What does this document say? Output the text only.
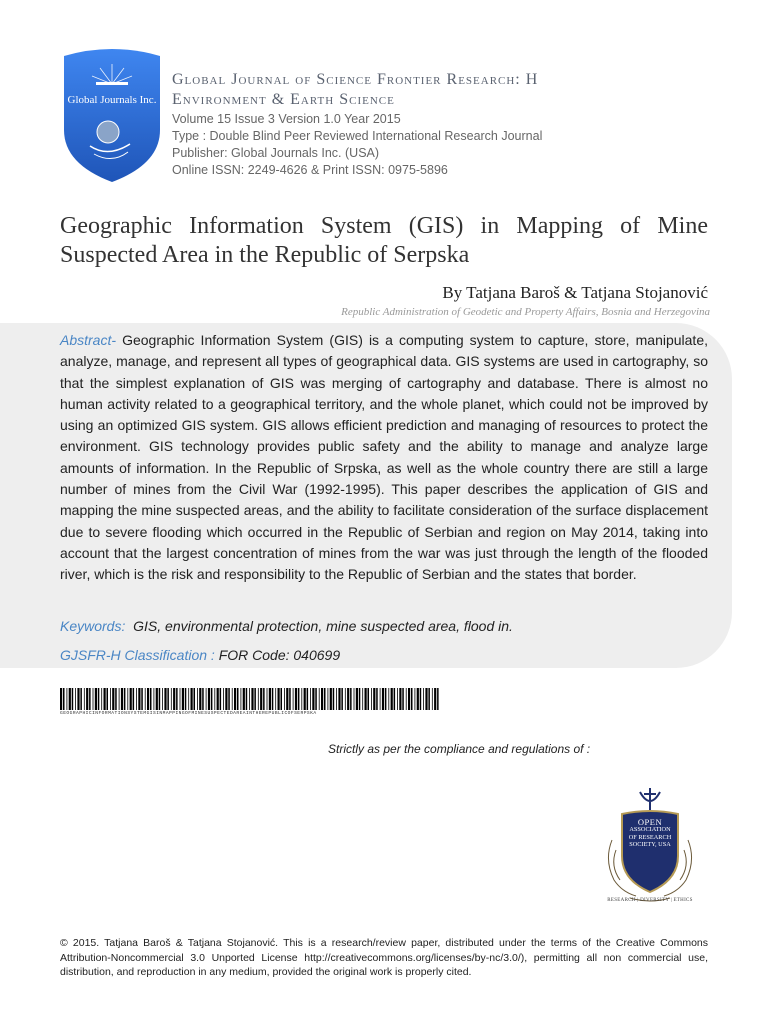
Global Journals Inc.
Global Journal of Science Frontier Research: H
Environment & Earth Science
Volume 15 Issue 3 Version 1.0 Year 2015
Type : Double Blind Peer Reviewed International Research Journal
Publisher: Global Journals Inc. (USA)
Online ISSN: 2249-4626 & Print ISSN: 0975-5896
Geographic Information System (GIS) in Mapping of Mine Suspected Area in the Republic of Serpska
By Tatjana Baroš & Tatjana Stojanović
Republic Administration of Geodetic and Property Affairs, Bosnia and Herzegovina
Abstract- Geographic Information System (GIS) is a computing system to capture, store, manipulate, analyze, manage, and represent all types of geographical data. GIS systems are used in cartography, so that the simplest explanation of GIS was merging of cartography and database. There is almost no human activity related to a geographical territory, and the whole planet, which could not be improved by using an optimized GIS system. GIS allows efficient prediction and managing of resources to protect the environment. GIS technology provides public safety and the ability to manage and analyze large amounts of information. In the Republic of Srpska, as well as the whole country there are still a large number of mines from the Civil War (1992-1995). This paper describes the application of GIS and mapping the mine suspected areas, and the ability to facilitate consideration of the surface displacement due to severe flooding which occurred in the Republic of Serbian and region on May 2014, taking into account that the largest concentration of mines from the war was just through the length of the flooded river, which is the risk and responsibility to the Republic of Serbian and the states that border.
Keywords:  GIS, environmental protection, mine suspected area, flood in.
GJSFR-H Classification : FOR Code: 040699
GEOGRAPHICINFORMATIONSYSTEMGISINMAPPINGOFMINESUSPECTEDAREAINTHEREPUBLICOFSERPSKA
Strictly as per the compliance and regulations of :
OPEN
ASSOCIATION
OF RESEARCH
SOCIETY, USA
RESEARCH | DIVERSITY | ETHICS
© 2015. Tatjana Baroš & Tatjana Stojanović. This is a research/review paper, distributed under the terms of the Creative Commons Attribution-Noncommercial 3.0 Unported License http://creativecommons.org/licenses/by-nc/3.0/), permitting all non commercial use, distribution, and reproduction in any medium, provided the original work is properly cited.
